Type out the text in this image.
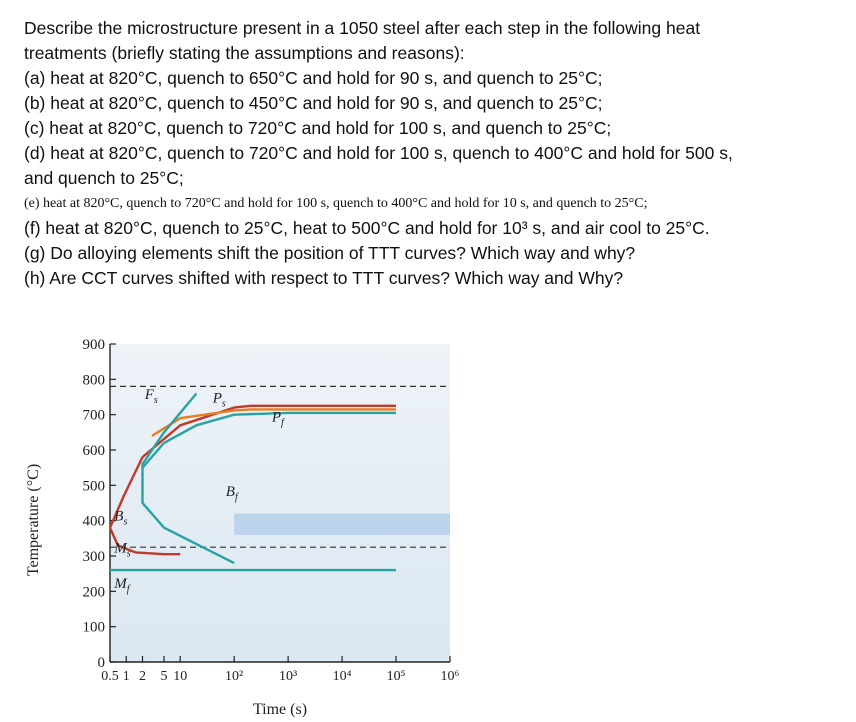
Describe the microstructure present in a 1050 steel after each step in the following heat
treatments (briefly stating the assumptions and reasons):
(a) heat at 820°C, quench to 650°C and hold for 90 s, and quench to 25°C;
(b) heat at 820°C, quench to 450°C and hold for 90 s, and quench to 25°C;
(c) heat at 820°C, quench to 720°C and hold for 100 s, and quench to 25°C;
(d) heat at 820°C, quench to 720°C and hold for 100 s, quench to 400°C and hold for 500 s,
and quench to 25°C;
(e) heat at 820°C, quench to 720°C and hold for 100 s, quench to 400°C and hold for 10 s, and quench to 25°C;
(f) heat at 820°C, quench to 25°C, heat to 500°C and hold for 10³ s, and air cool to 25°C.
(g) Do alloying elements shift the position of TTT curves? Which way and why?
(h) Are CCT curves shifted with respect to TTT curves? Which way and Why?
0
100
200
300
400
500
600
700
800
900
0.5 1 2 5 10	10²	10³	10⁴	10⁵	10⁶
$F_s$	$P_s$
$P_f$
$B_f$
$B_s$
$M_s$
$M_f$
Temperature (°C)
Time (s)
